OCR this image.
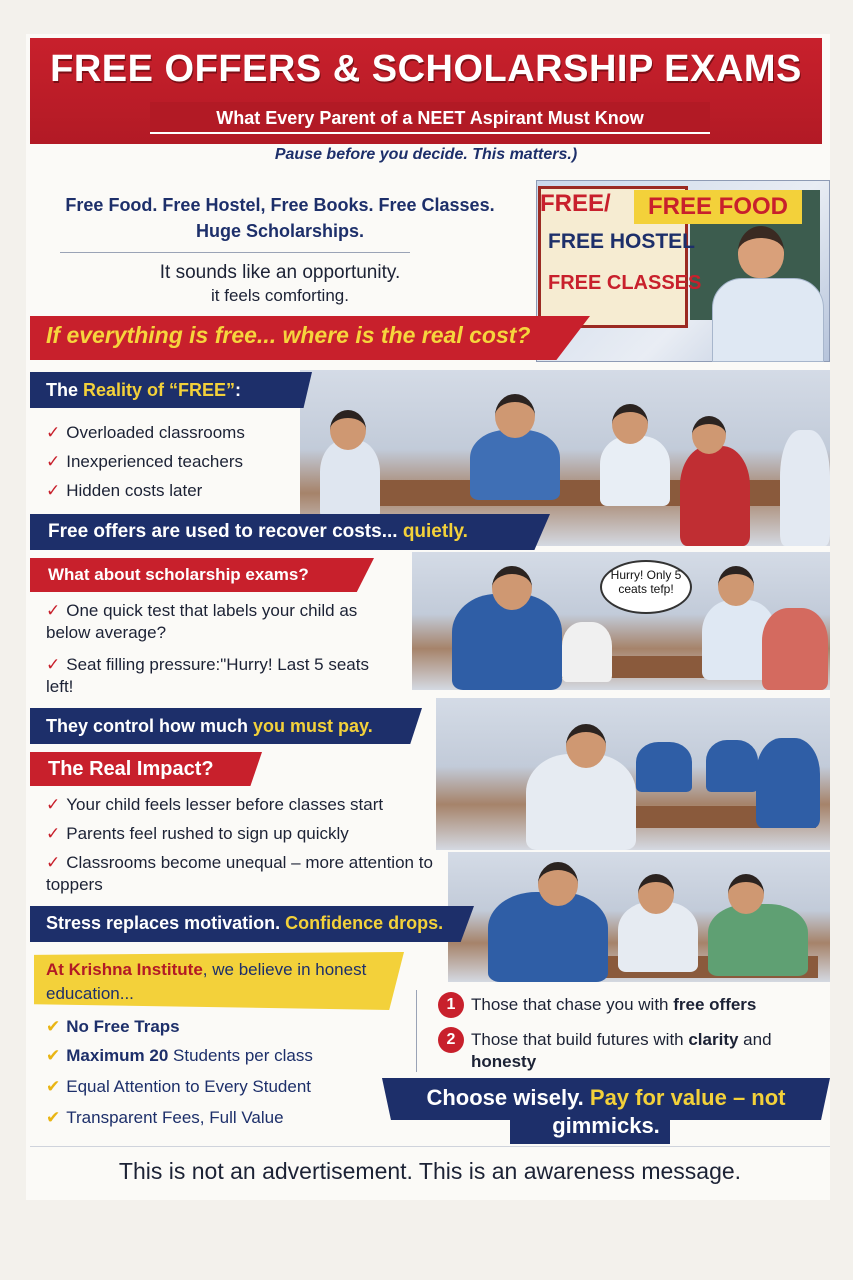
FREE OFFERS & SCHOLARSHIP EXAMS
What Every Parent of a NEET Aspirant Must Know
Pause before you decide. This matters.)
Free Food. Free Hostel, Free Books. Free Classes.
Huge Scholarships.
It sounds like an opportunity.
it feels comforting.
FREE/	FREE FOOD
FREE HOSTEL
FREE CLASSES
If everything is free... where is the real cost?
The Reality of “FREE”:
✓ Overloaded classrooms
✓ Inexperienced teachers
✓ Hidden costs later
Free offers are used to recover costs... quietly.
Hurry! Only 5 ceats tefp!
What about scholarship exams?
✓ One quick test that labels your child as below average?
✓ Seat filling pressure:"Hurry! Last 5 seats left!
They control how much you must pay.
The Real Impact?
✓ Your child feels lesser before classes start
✓ Parents feel rushed to sign up quickly
✓ Classrooms become unequal – more attention to toppers
Stress replaces motivation. Confidence drops.
At Krishna Institute, we believe in honest education...
✔ No Free Traps
✔ Maximum 20 Students per class
✔ Equal Attention to Every Student
✔ Transparent Fees, Full Value
1 Those that chase you with free offers
2 Those that build futures with clarity and honesty
Choose wisely. Pay for value – not
gimmicks.
This is not an advertisement. This is an awareness message.
